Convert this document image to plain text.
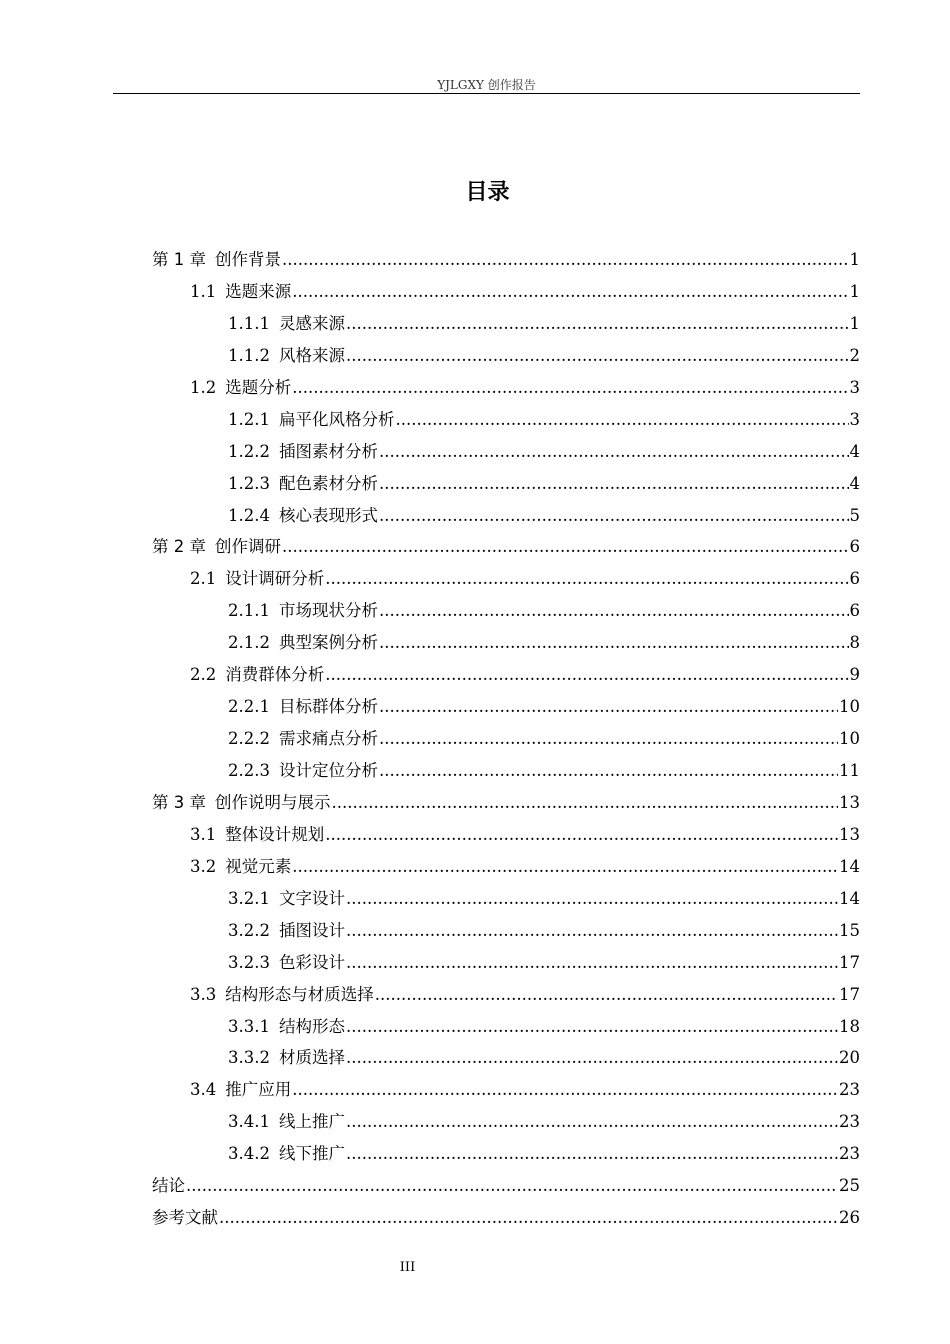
YJLGXY 创作报告
目录
第 1 章 创作背景 .....	1
1.1 选题来源 .....	1
1.1.1 灵感来源 .....	1
1.1.2 风格来源 .....	2
1.2 选题分析 .....	3
1.2.1 扁平化风格分析 .....	3
1.2.2 插图素材分析 .....	4
1.2.3 配色素材分析 .....	4
1.2.4 核心表现形式 .....	5
第 2 章 创作调研 .....	6
2.1 设计调研分析 .....	6
2.1.1 市场现状分析 .....	6
2.1.2 典型案例分析 .....	8
2.2 消费群体分析 .....	9
2.2.1 目标群体分析 .....	10
2.2.2 需求痛点分析 .....	10
2.2.3 设计定位分析 .....	11
第 3 章 创作说明与展示 .....	13
3.1 整体设计规划 .....	13
3.2 视觉元素 .....	14
3.2.1 文字设计 .....	14
3.2.2 插图设计 .....	15
3.2.3 色彩设计 .....	17
3.3 结构形态与材质选择 .....	17
3.3.1 结构形态 .....	18
3.3.2 材质选择 .....	20
3.4 推广应用 .....	23
3.4.1 线上推广 .....	23
3.4.2 线下推广 .....	23
结论 .....	25
参考文献 .....	26
III
